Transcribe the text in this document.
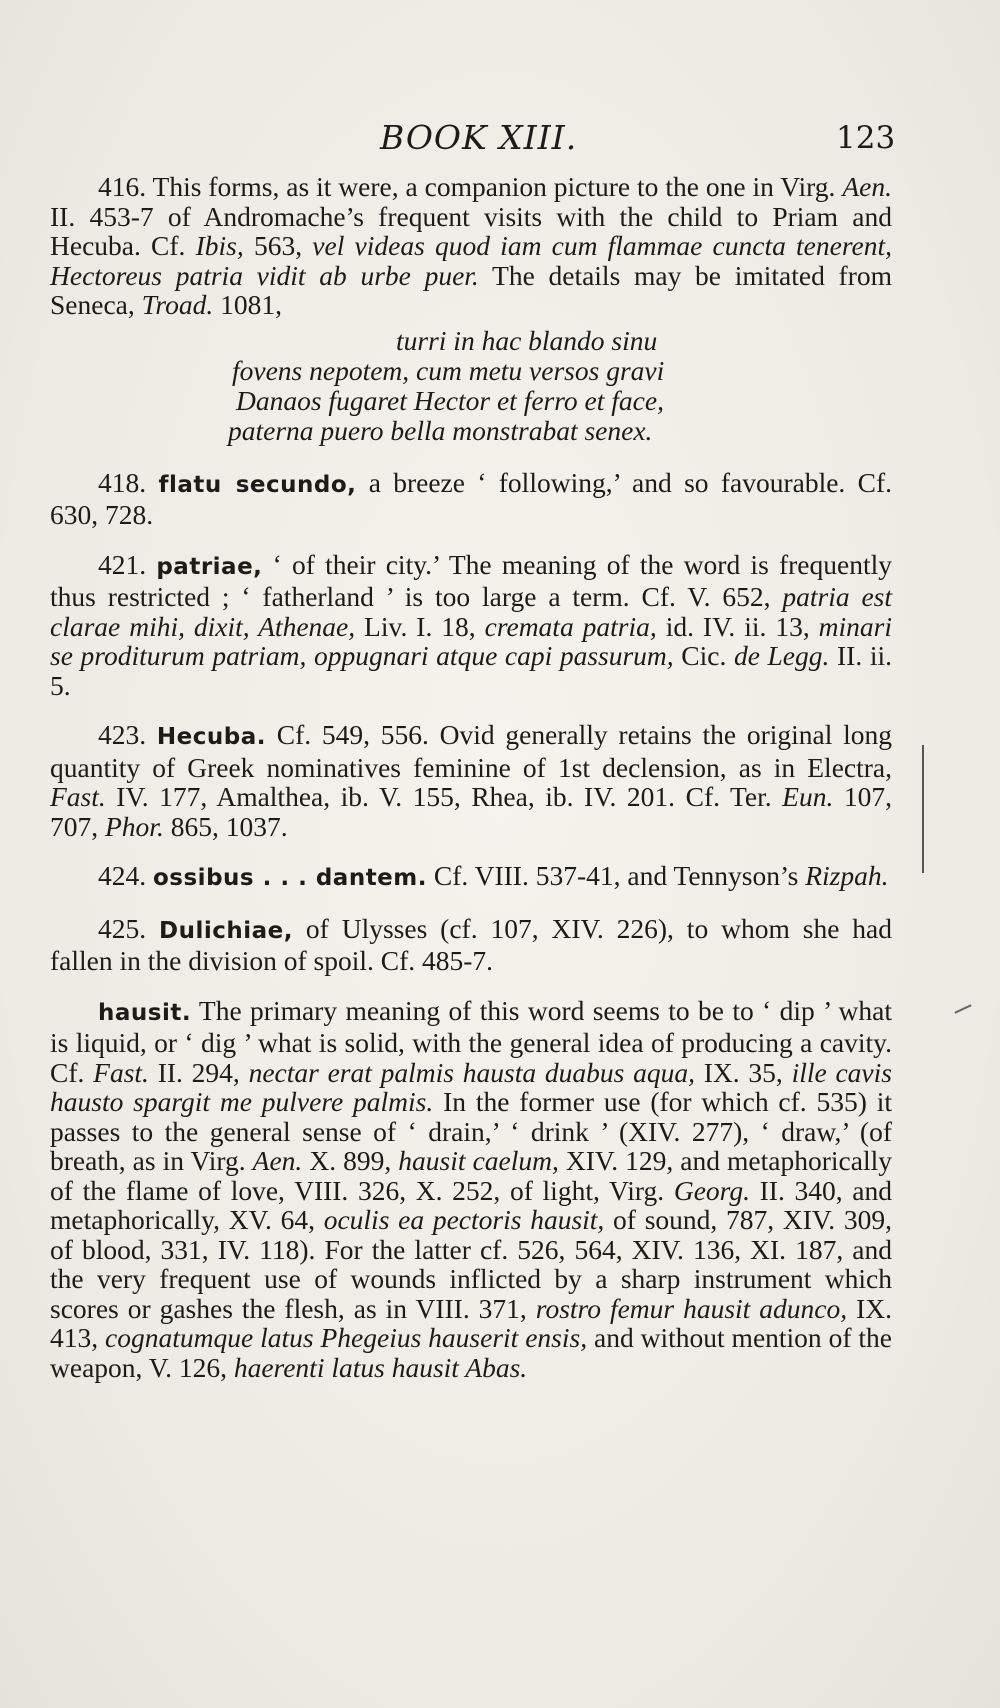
BOOK XIII.	123

416. This forms, as it were, a companion picture to the one in Virg. Aen. II. 453-7 of Andromache’s frequent visits with the child to Priam and Hecuba. Cf. Ibis, 563, vel videas quod iam cum flammae cuncta tenerent, Hectoreus patria vidit ab urbe puer. The details may be imitated from Seneca, Troad. 1081,

turri in hac blando sinu
fovens nepotem, cum metu versos gravi
Danaos fugaret Hector et ferro et face,
paterna puero bella monstrabat senex.

418. flatu secundo, a breeze ‘ following,’ and so favourable. Cf. 630, 728.

421. patriae, ‘ of their city.’ The meaning of the word is frequently thus restricted ; ‘ fatherland ’ is too large a term. Cf. V. 652, patria est clarae mihi, dixit, Athenae, Liv. I. 18, cremata patria, id. IV. ii. 13, minari se proditurum patriam, oppugnari atque capi passurum, Cic. de Legg. II. ii. 5.

423. Hecuba. Cf. 549, 556. Ovid generally retains the original long quantity of Greek nominatives feminine of 1st declension, as in Electra, Fast. IV. 177, Amalthea, ib. V. 155, Rhea, ib. IV. 201. Cf. Ter. Eun. 107, 707, Phor. 865, 1037.

424. ossibus . . . dantem. Cf. VIII. 537-41, and Tennyson’s Rizpah.

425. Dulichiae, of Ulysses (cf. 107, XIV. 226), to whom she had fallen in the division of spoil. Cf. 485-7.

hausit. The primary meaning of this word seems to be to ‘ dip ’ what is liquid, or ‘ dig ’ what is solid, with the general idea of producing a cavity. Cf. Fast. II. 294, nectar erat palmis hausta duabus aqua, IX. 35, ille cavis hausto spargit me pulvere palmis. In the former use (for which cf. 535) it passes to the general sense of ‘ drain,’ ‘ drink ’ (XIV. 277), ‘ draw,’ (of breath, as in Virg. Aen. X. 899, hausit caelum, XIV. 129, and metaphorically of the flame of love, VIII. 326, X. 252, of light, Virg. Georg. II. 340, and metaphorically, XV. 64, oculis ea pectoris hausit, of sound, 787, XIV. 309, of blood, 331, IV. 118). For the latter cf. 526, 564, XIV. 136, XI. 187, and the very frequent use of wounds inflicted by a sharp instrument which scores or gashes the flesh, as in VIII. 371, rostro femur hausit adunco, IX. 413, cognatumque latus Phegeius hauserit ensis, and without mention of the weapon, V. 126, haerenti latus hausit Abas.
